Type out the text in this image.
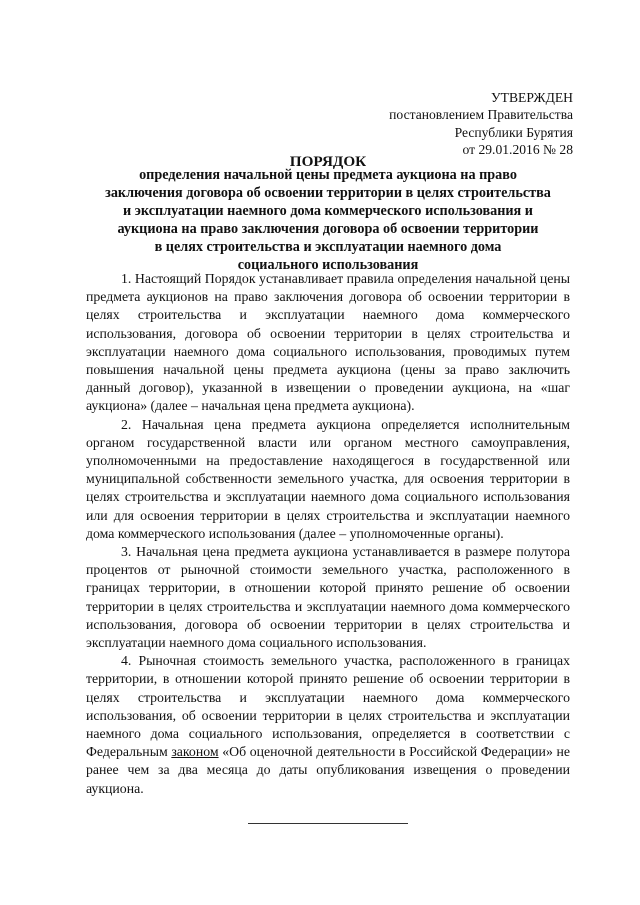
УТВЕРЖДЕН
постановлением Правительства
Республики Бурятия
от 29.01.2016 № 28
ПОРЯДОК
определения начальной цены предмета аукциона на право
заключения договора об освоении территории в целях строительства
и эксплуатации наемного дома коммерческого использования и
аукциона на право заключения договора об освоении территории
в целях строительства и эксплуатации наемного дома
социального использования

1. Настоящий Порядок устанавливает правила определения начальной цены предмета аукционов на право заключения договора об освоении территории в целях строительства и эксплуатации наемного дома коммерческого использования, договора об освоении территории в целях строительства и эксплуатации наемного дома социального использования, проводимых путем повышения начальной цены предмета аукциона (цены за право заключить данный договор), указанной в извещении о проведении аукциона, на «шаг аукциона» (далее – начальная цена предмета аукциона).

2. Начальная цена предмета аукциона определяется исполнительным органом государственной власти или органом местного самоуправления, уполномоченными на предоставление находящегося в государственной или муниципальной собственности земельного участка, для освоения территории в целях строительства и эксплуатации наемного дома социального использования или для освоения территории в целях строительства и эксплуатации наемного дома коммерческого использования (далее – уполномоченные органы).

3. Начальная цена предмета аукциона устанавливается в размере полутора процентов от рыночной стоимости земельного участка, расположенного в границах территории, в отношении которой принято решение об освоении территории в целях строительства и эксплуатации наемного дома коммерческого использования, договора об освоении территории в целях строительства и эксплуатации наемного дома социального использования.

4. Рыночная стоимость земельного участка, расположенного в границах территории, в отношении которой принято решение об освоении территории в целях строительства и эксплуатации наемного дома коммерческого использования, об освоении территории в целях строительства и эксплуатации наемного дома социального использования, определяется в соответствии с Федеральным законом «Об оценочной деятельности в Российской Федерации» не ранее чем за два месяца до даты опубликования извещения о проведении аукциона.
